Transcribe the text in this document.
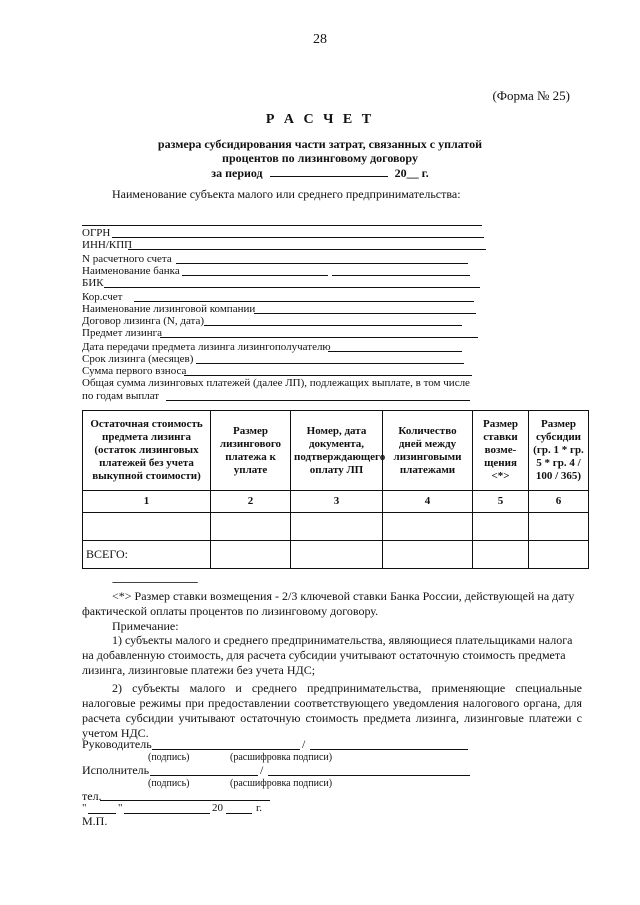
28
(Форма № 25)
Р А С Ч Е Т
размера субсидирования части затрат, связанных с уплатой
процентов по лизинговому договору
за период	20__ г.
Наименование субъекта малого или среднего предпринимательства:
ОГРН
ИНН/КПП
N расчетного счета
Наименование банка
БИК
Кор.счет
Наименование лизинговой компании
Договор лизинга (N, дата)
Предмет лизинга
Дата передачи предмета лизинга лизингополучателю
Срок лизинга (месяцев)
Сумма первого взноса
Общая сумма лизинговых платежей (далее ЛП), подлежащих выплате, в том числе
по годам выплат
Остаточная стоимость предмета лизинга (остаток лизинговых платежей без учета выкупной стоимости)	Размер лизингового платежа к уплате	Номер, дата документа, подтверждающего оплату ЛП	Количество дней между лизинговыми платежами	Размер ставки возме- щения <*>	Размер субсидии (гр. 1 * гр. 5 * гр. 4 / 100 / 365)
1	2	3	4	5	6

ВСЕГО:					
--------------------------------
<*> Размер ставки возмещения - 2/3 ключевой ставки Банка России, действующей на дату фактической оплаты процентов по лизинговому договору.
Примечание:
1) субъекты малого и среднего предпринимательства, являющиеся плательщиками налога на добавленную стоимость, для расчета субсидии учитывают остаточную стоимость предмета лизинга, лизинговые платежи без учета НДС;
2) субъекты малого и среднего предпринимательства, применяющие специальные налоговые режимы при предоставлении соответствующего уведомления налогового органа, для расчета субсидии учитывают остаточную стоимость предмета лизинга, лизинговые платежи с учетом НДС.
Руководитель	/
(подпись)	(расшифровка подписи)
Исполнитель	/
(подпись)	(расшифровка подписи)
тел.
"	"	20	г.
М.П.
